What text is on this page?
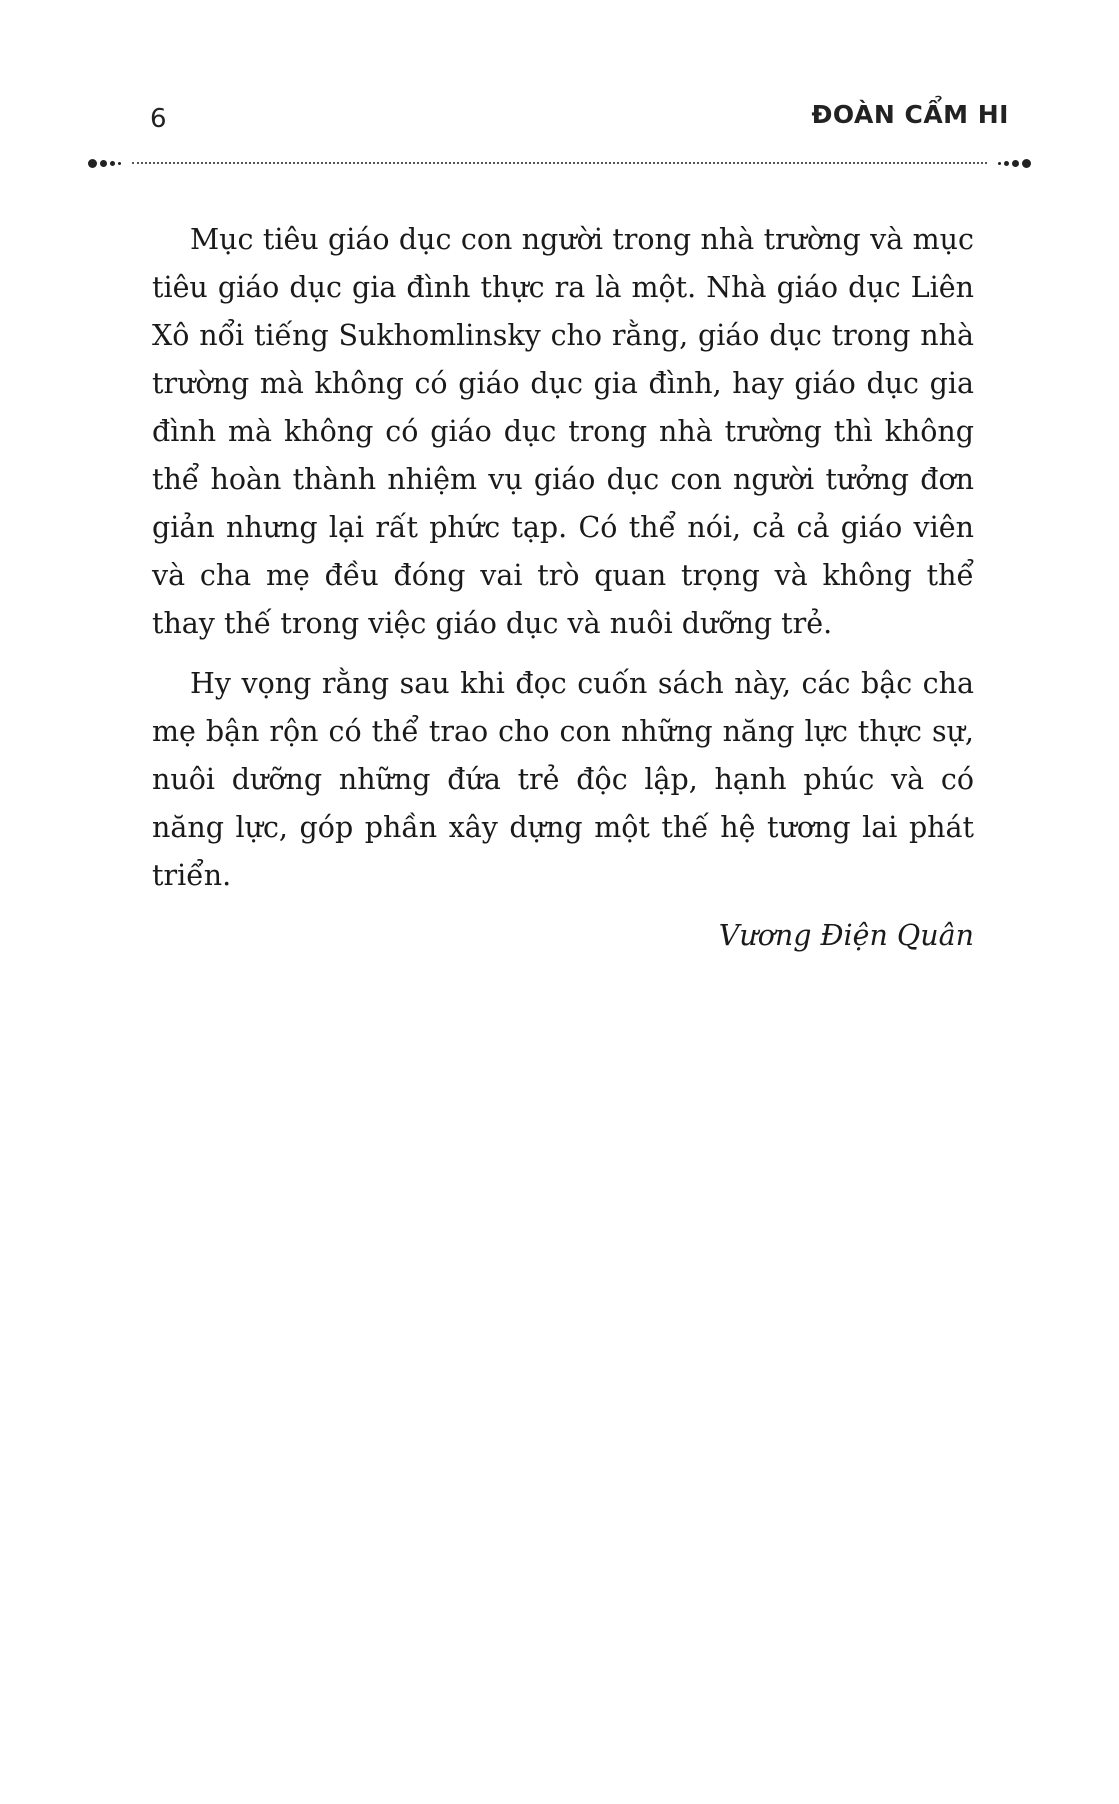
6	ĐOÀN CẨM HI

Mục tiêu giáo dục con người trong nhà trường và mục tiêu giáo dục gia đình thực ra là một. Nhà giáo dục Liên Xô nổi tiếng Sukhomlinsky cho rằng, giáo dục trong nhà trường mà không có giáo dục gia đình, hay giáo dục gia đình mà không có giáo dục trong nhà trường thì không thể hoàn thành nhiệm vụ giáo dục con người tưởng đơn giản nhưng lại rất phức tạp. Có thể nói, cả cả giáo viên và cha mẹ đều đóng vai trò quan trọng và không thể thay thế trong việc giáo dục và nuôi dưỡng trẻ.

Hy vọng rằng sau khi đọc cuốn sách này, các bậc cha mẹ bận rộn có thể trao cho con những năng lực thực sự, nuôi dưỡng những đứa trẻ độc lập, hạnh phúc và có năng lực, góp phần xây dựng một thế hệ tương lai phát triển.

Vương Điện Quân
